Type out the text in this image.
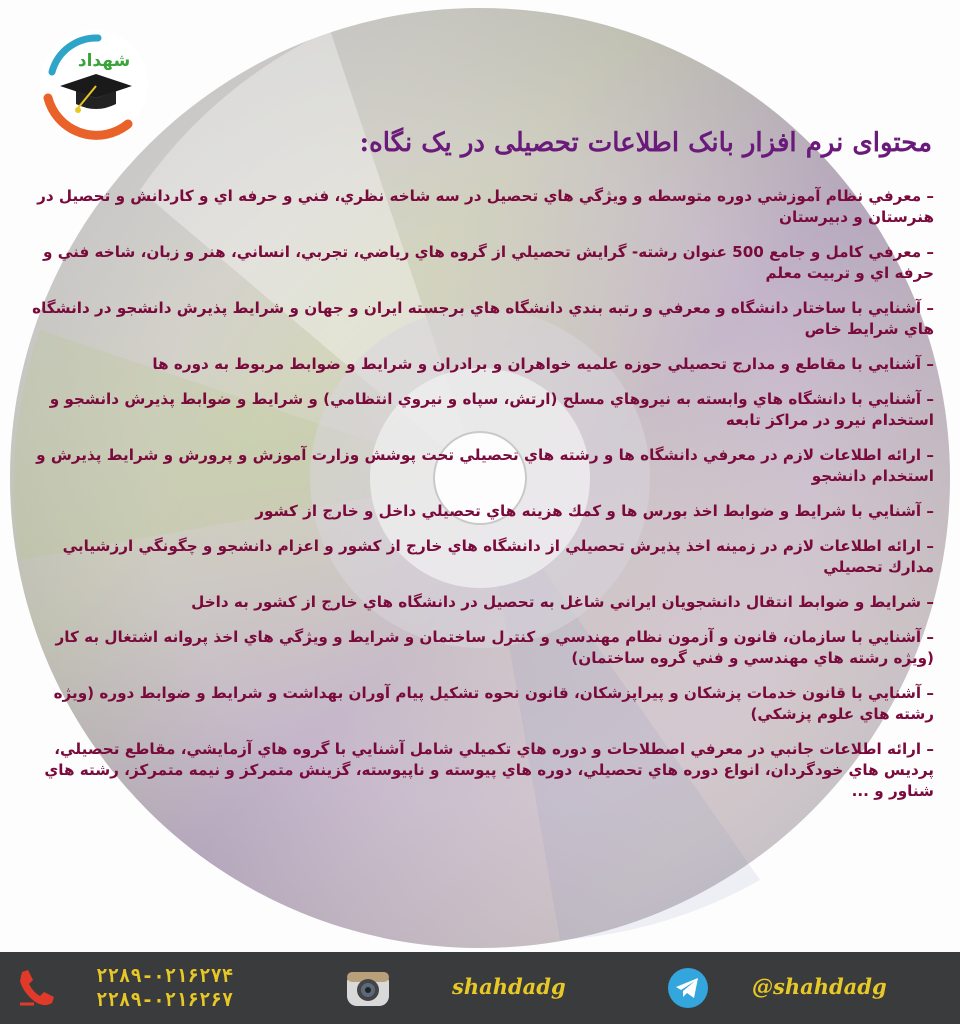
شهداد
محتوای نرم افزار بانک اطلاعات تحصیلی در یک نگاه:
– معرفي نظام آموزشي دوره متوسطه و ويژگي هاي تحصيل در سه شاخه نظري، فني و حرفه اي و كاردانش و تحصيل در هنرستان و دبيرستان
– معرفي كامل و جامع 500 عنوان رشته- گرايش تحصيلي از گروه هاي رياضي، تجربي، انساني، هنر و زبان، شاخه فني و حرفه اي و تربيت معلم
– آشنايي با ساختار دانشگاه و معرفي و رتبه بندي دانشگاه هاي برجسته ايران و جهان و شرايط پذيرش دانشجو در دانشگاه هاي شرايط خاص
– آشنايي با مقاطع و مدارج تحصيلي حوزه علميه خواهران و برادران و شرايط و ضوابط مربوط به دوره ها
– آشنايي با دانشگاه هاي وابسته به نيروهاي مسلح (ارتش، سپاه و نيروي انتظامي) و شرايط و ضوابط پذيرش دانشجو و استخدام نيرو در مراكز تابعه
– ارائه اطلاعات لازم در معرفي دانشگاه ها و رشته هاي تحصيلي تحت پوشش وزارت آموزش و پرورش و شرايط پذيرش و استخدام دانشجو
– آشنايي با شرايط و ضوابط اخذ بورس ها و كمك هزينه هاي تحصيلي داخل و خارج از كشور
– ارائه اطلاعات لازم در زمينه اخذ پذيرش تحصيلي از دانشگاه هاي خارج از كشور و اعزام دانشجو و چگونگي ارزشيابي مدارك تحصيلي
– شرايط و ضوابط انتقال دانشجويان ايراني شاغل به تحصيل در دانشگاه هاي خارج از كشور به داخل
– آشنايي با سازمان، قانون و آزمون نظام مهندسي و كنترل ساختمان و شرايط و ويژگي هاي اخذ پروانه اشتغال به كار (ويژه رشته هاي مهندسي و فني گروه ساختمان)
– آشنايي با قانون خدمات پزشكان و پيراپزشكان، قانون نحوه تشكيل پيام آوران بهداشت و شرايط و ضوابط دوره (ويژه رشته هاي علوم پزشكي)
– ارائه اطلاعات جانبي در معرفي اصطلاحات و دوره هاي تكميلي شامل آشنايي با گروه هاي آزمايشي، مقاطع تحصيلي، پرديس هاي خودگردان، انواع دوره هاي تحصيلي، دوره هاي پيوسته و ناپيوسته، گزينش متمركز و نيمه متمركز، رشته هاي شناور و ...
٠٢١-٢٢٨٩۶٢٧۴
٠٢١-٢٢٨٩۶٢۶٧
shahdadg	@shahdadg
